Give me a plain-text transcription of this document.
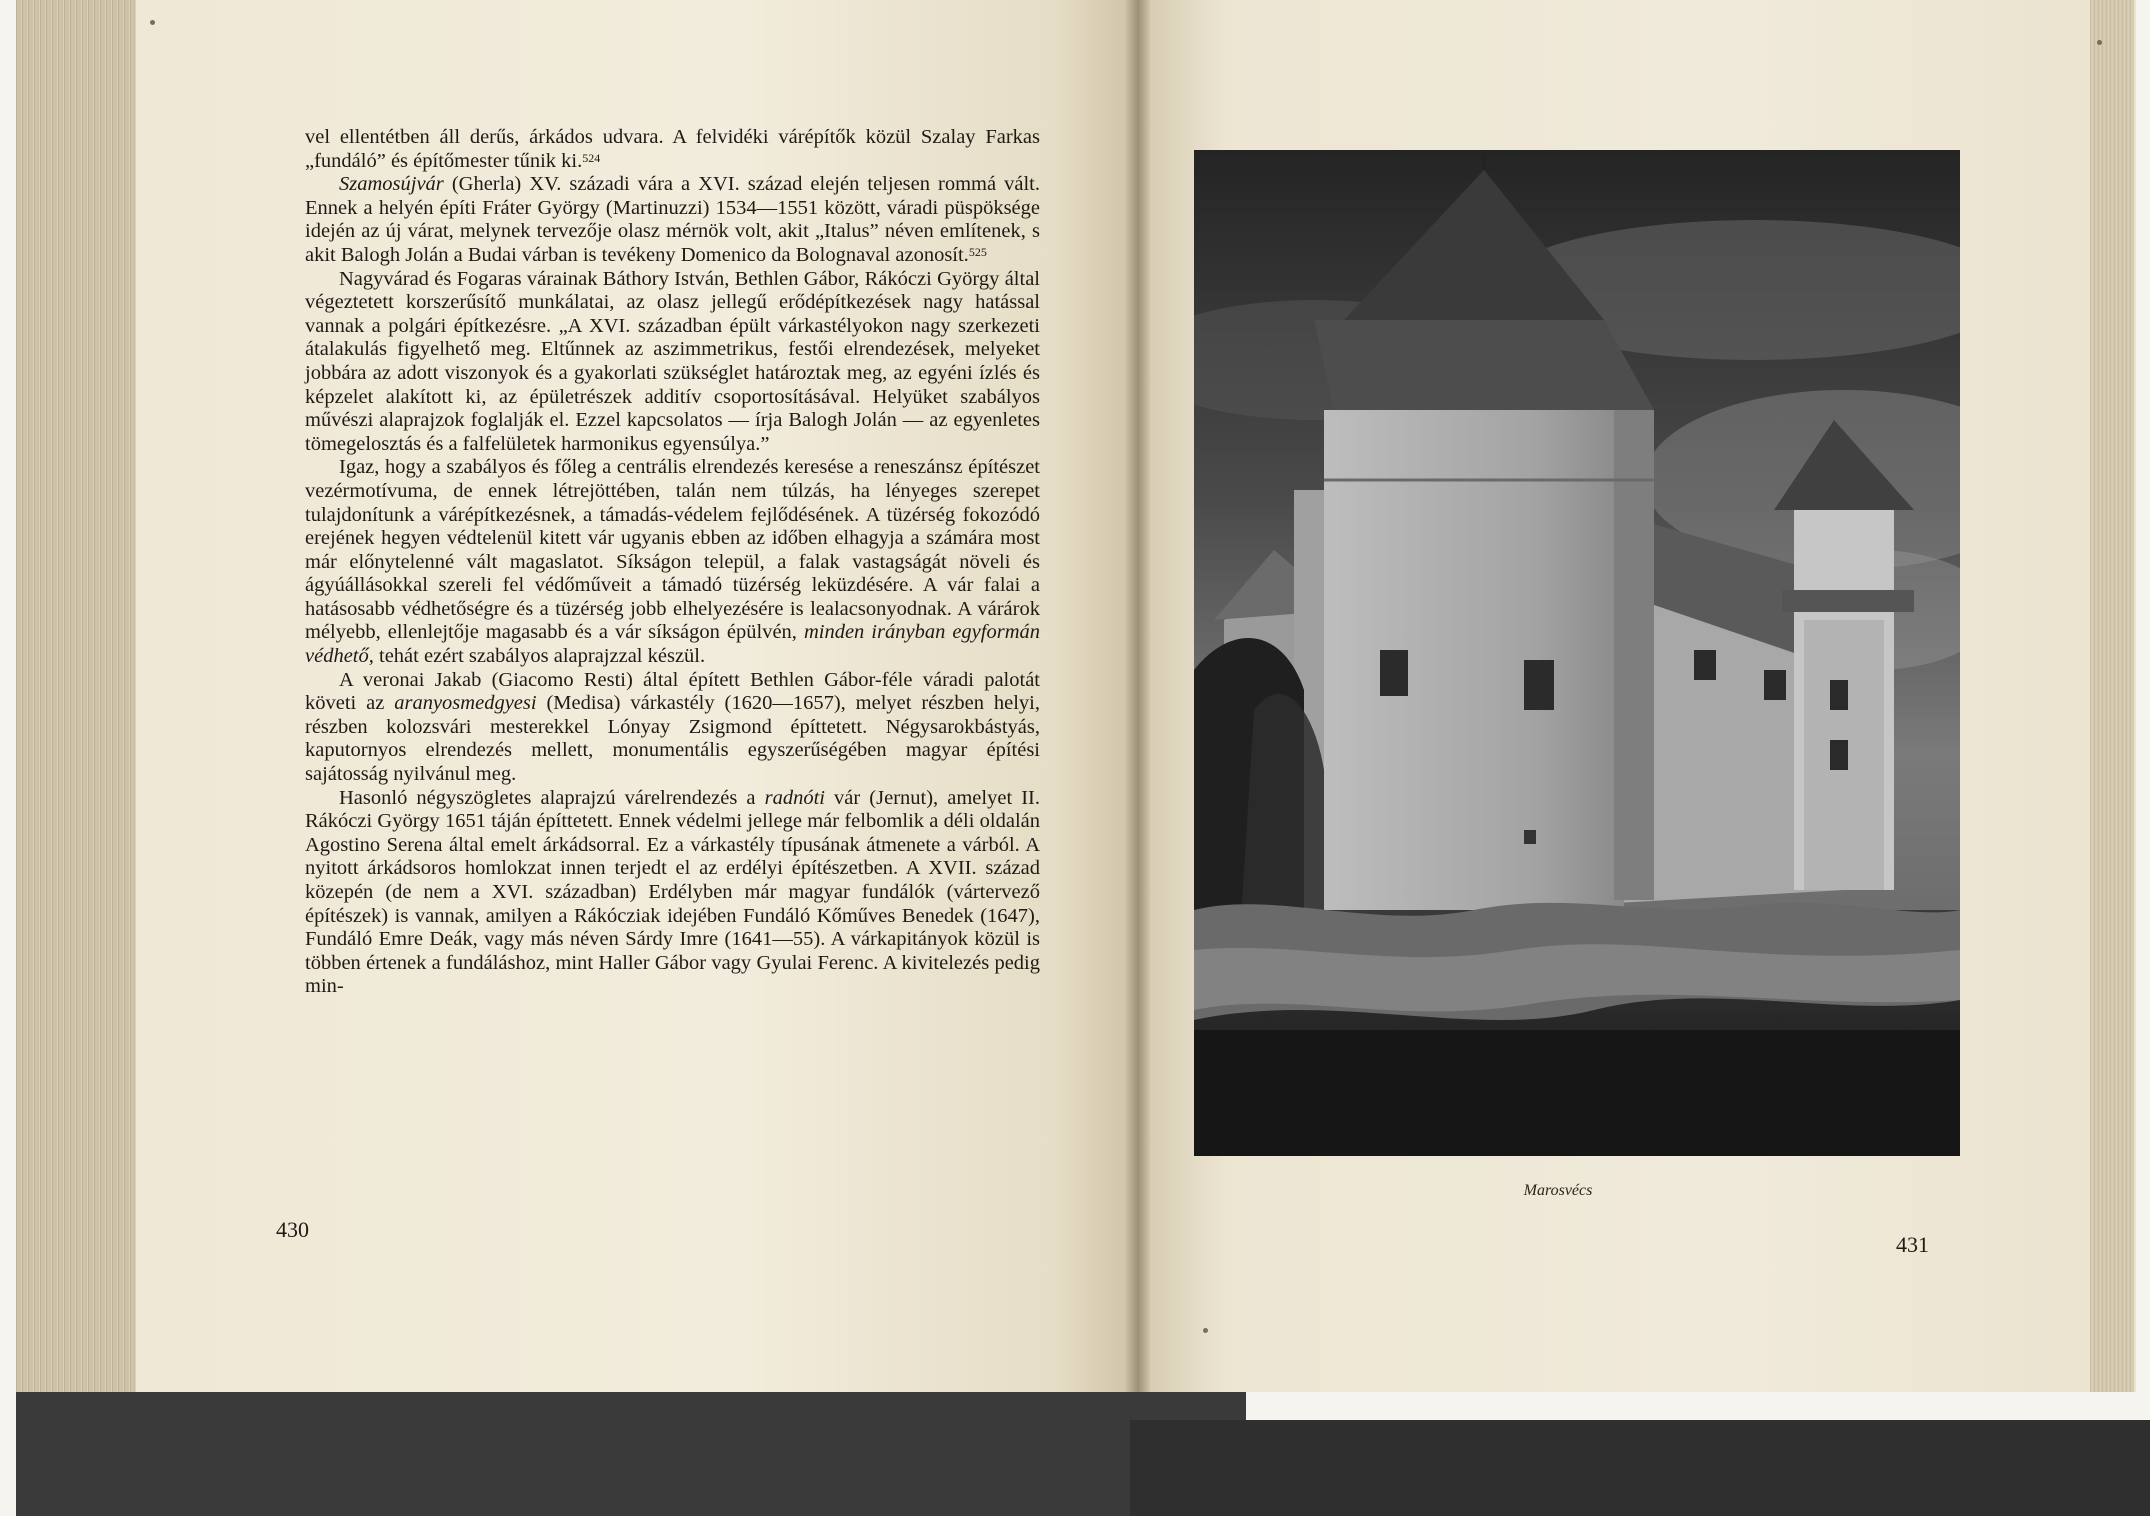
vel ellentétben áll derűs, árkádos udvara. A felvidéki várépítők közül Szalay Farkas „fundáló” és építőmester tűnik ki.$^{524}$

Szamosújvár (Gherla) XV. századi vára a XVI. század elején teljesen rommá vált. Ennek a helyén építi Fráter György (Martinuzzi) 1534—1551 között, váradi püspöksége idején az új várat, melynek tervezője olasz mérnök volt, akit „Italus” néven említenek, s akit Balogh Jolán a Budai várban is tevékeny Domenico da Bolognaval azonosít.$^{525}$

Nagyvárad és Fogaras várainak Báthory István, Bethlen Gábor, Rákóczi György által végeztetett korszerűsítő munkálatai, az olasz jellegű erődépítkezések nagy hatással vannak a polgári építkezésre. „A XVI. században épült várkastélyokon nagy szerkezeti átalakulás figyelhető meg. Eltűnnek az aszimmetrikus, festői elrendezések, melyeket jobbára az adott viszonyok és a gyakorlati szükséglet határoztak meg, az egyéni ízlés és képzelet alakított ki, az épületrészek additív csoportosításával. Helyüket szabályos művészi alaprajzok foglalják el. Ezzel kapcsolatos — írja Balogh Jolán — az egyenletes tömegelosztás és a falfelületek harmonikus egyensúlya.”

Igaz, hogy a szabályos és főleg a centrális elrendezés keresése a reneszánsz építészet vezérmotívuma, de ennek létrejöttében, talán nem túlzás, ha lényeges szerepet tulajdonítunk a várépítkezésnek, a támadás-védelem fejlődésének. A tüzérség fokozódó erejének hegyen védtelenül kitett vár ugyanis ebben az időben elhagyja a számára most már előnytelenné vált magaslatot. Síkságon települ, a falak vastagságát növeli és ágyúállásokkal szereli fel védőműveit a támadó tüzérség leküzdésére. A vár falai a hatásosabb védhetőségre és a tüzérség jobb elhelyezésére is lealacsonyodnak. A várárok mélyebb, ellenlejtője magasabb és a vár síkságon épülvén, minden irányban egyformán védhető, tehát ezért szabályos alaprajzzal készül.

A veronai Jakab (Giacomo Resti) által épített Bethlen Gábor-féle váradi palotát követi az aranyosmedgyesi (Medisa) várkastély (1620—1657), melyet részben helyi, részben kolozsvári mesterekkel Lónyay Zsigmond építtetett. Négysarokbástyás, kaputornyos elrendezés mellett, monumentális egyszerűségében magyar építési sajátosság nyilvánul meg.

Hasonló négyszögletes alaprajzú várelrendezés a radnóti vár (Jernut), amelyet II. Rákóczi György 1651 táján építtetett. Ennek védelmi jellege már felbomlik a déli oldalán Agostino Serena által emelt árkádsorral. Ez a várkastély típusának átmenete a várból. A nyitott árkádsoros homlokzat innen terjedt el az erdélyi építészetben. A XVII. század közepén (de nem a XVI. században) Erdélyben már magyar fundálók (vártervező építészek) is vannak, amilyen a Rákócziak idejében Fundáló Kőműves Benedek (1647), Fundáló Emre Deák, vagy más néven Sárdy Imre (1641—55). A várkapitányok közül is többen értenek a fundáláshoz, mint Haller Gábor vagy Gyulai Ferenc. A kivitelezés pedig min-

430
Marosvécs
431
